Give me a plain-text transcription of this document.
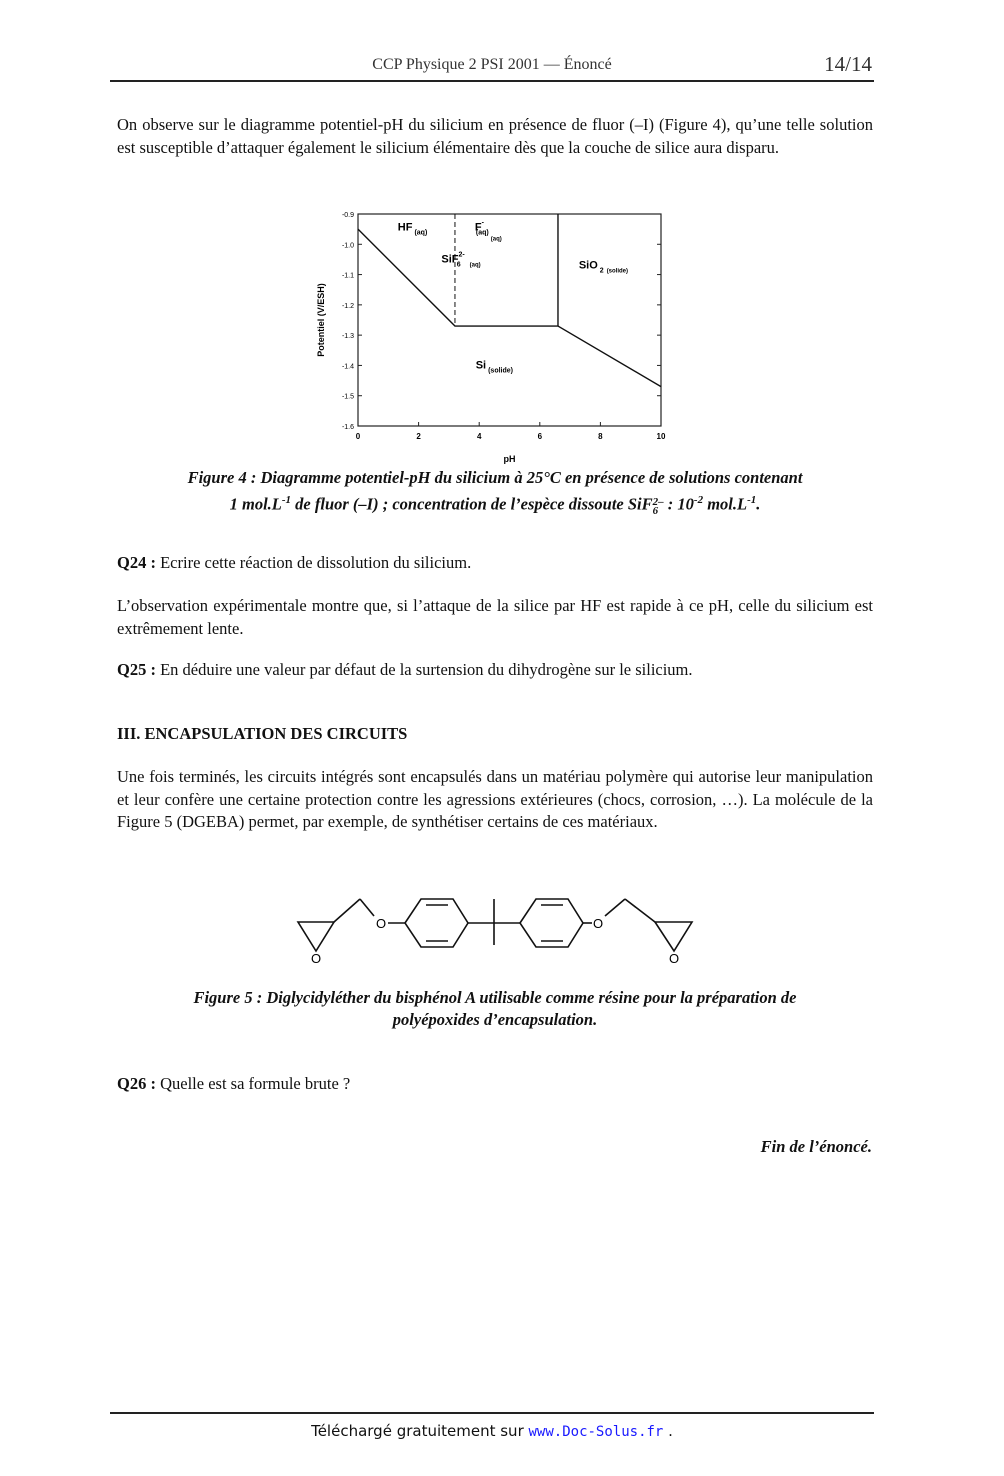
CCP Physique 2 PSI 2001 — Énoncé	14/14
On observe sur le diagramme potentiel-pH du silicium en présence de fluor (–I) (Figure 4), qu’une telle solution est susceptible d’attaquer également le silicium élémentaire dès que la couche de silice aura disparu.
0	2	4	6	8	10
-0.9
-1.0
-1.1
-1.2
-1.3
-1.4
-1.5
-1.6
pH
Potentiel (V/ESH)
HF $_{(aq)}$	$F^-(aq)_{(aq)}$
SiF$^{2-}$6 (aq)	SiO $_2$ (solide)
Si $_{(solide)}$
Figure 4 : Diagramme potentiel-pH du silicium à 25°C en présence de solutions contenant
1 $mol.L^{-1}$ de fluor (–I) ; concentration de l’espèce dissoute SiF 2–
6 : $10^{-2}$ $mol.L^{-1}$.
Q24 : Ecrire cette réaction de dissolution du silicium.
L’observation expérimentale montre que, si l’attaque de la silice par HF est rapide à ce pH, celle du silicium est extrêmement lente.
Q25 : En déduire une valeur par défaut de la surtension du dihydrogène sur le silicium.
III. ENCAPSULATION DES CIRCUITS
Une fois terminés, les circuits intégrés sont encapsulés dans un matériau polymère qui autorise leur manipulation et leur confère une certaine protection contre les agressions extérieures (chocs, corrosion, …). La molécule de la Figure 5 (DGEBA) permet, par exemple, de synthétiser certains de ces matériaux.
O	O
O	O
Figure 5 : Diglycidyléther du bisphénol A utilisable comme résine pour la préparation de
polyépoxides d’encapsulation.
Q26 : Quelle est sa formule brute ?
Fin de l’énoncé.
Téléchargé gratuitement sur www.Doc-Solus.fr .
